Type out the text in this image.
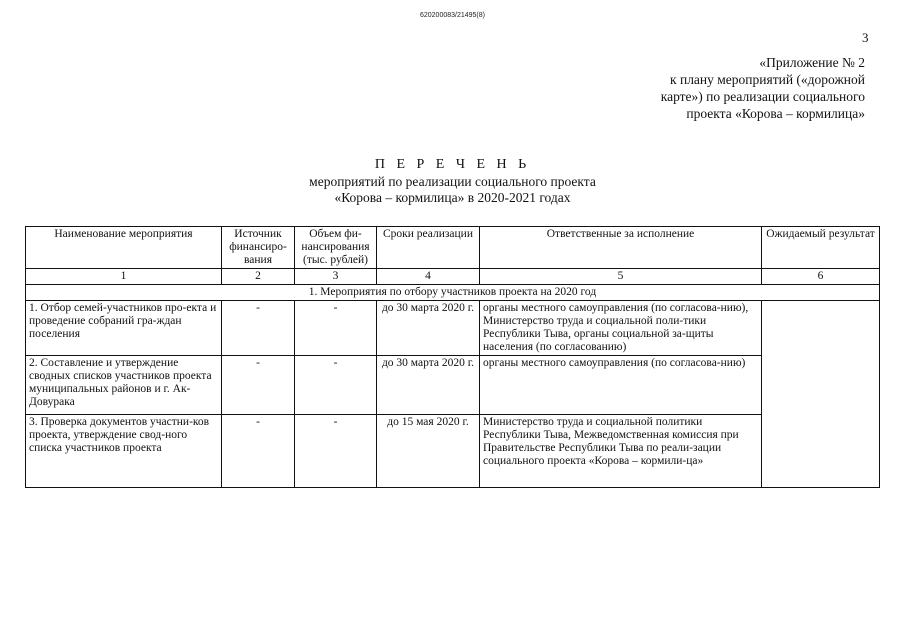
620200083/21495(8)
3
«Приложение № 2
к плану мероприятий («дорожной
карте») по реализации социального
проекта «Корова – кормилица»
П Е Р Е Ч Е Н Ь
мероприятий по реализации социального проекта
«Корова – кормилица» в 2020-2021 годах
Наименование мероприятия	Источник финансиро-вания	Объем фи-нансирования (тыс. рублей)	Сроки реализации	Ответственные за исполнение	Ожидаемый результат
1	2	3	4	5	6
1. Мероприятия по отбору участников проекта на 2020 год					
1. Отбор семей-участников про-екта и проведение собраний гра-ждан поселения	-	-	до 30 марта 2020 г.	органы местного самоуправления (по согласова-нию), Министерство труда и социальной поли-тики Республики Тыва, органы социальной за-щиты населения (по согласованию)	
2. Составление и утверждение сводных списков участников проекта муниципальных районов и г. Ак-Довурака	-	-	до 30 марта 2020 г.	органы местного самоуправления (по согласова-нию)	
3. Проверка документов участни-ков проекта, утверждение свод-ного списка участников проекта	-	-	до 15 мая 2020 г.	Министерство труда и социальной политики Республики Тыва, Межведомственная комиссия при Правительстве Республики Тыва по реали-зации социального проекта «Корова – кормили-ца»	
